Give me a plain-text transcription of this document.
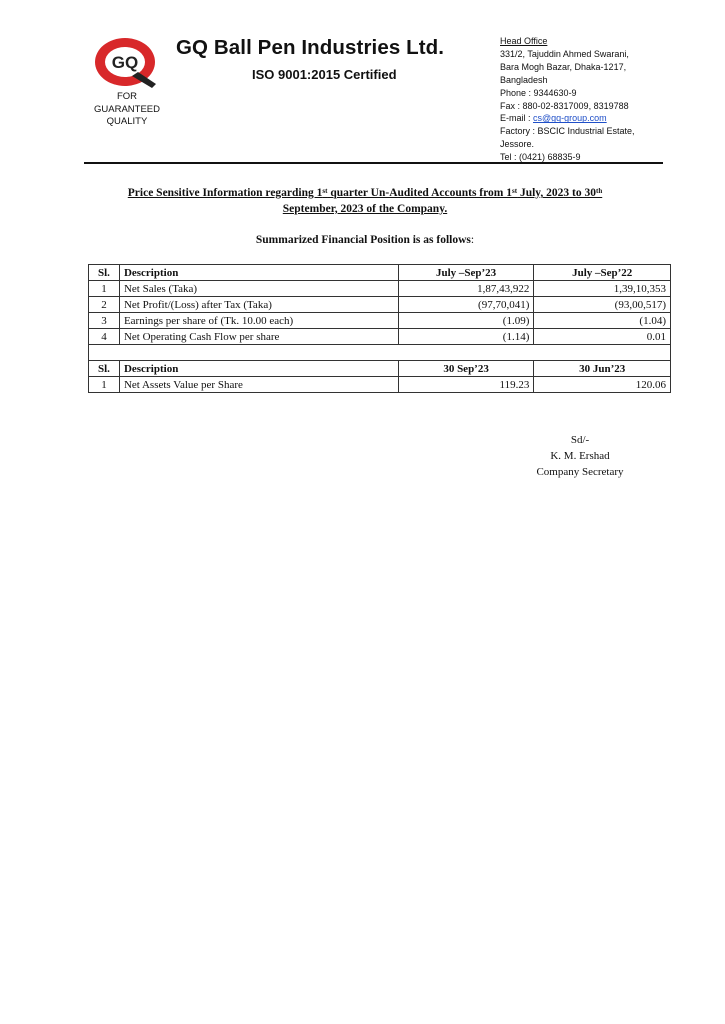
GQ
FOR
GUARANTEED
QUALITY
GQ Ball Pen Industries Ltd.
ISO 9001:2015 Certified
Head Office
331/2, Tajuddin Ahmed Swarani,
Bara Mogh Bazar, Dhaka-1217,
Bangladesh
Phone : 9344630-9
Fax : 880-02-8317009, 8319788
E-mail : cs@gq-group.com
Factory : BSCIC Industrial Estate,
Jessore.
Tel : (0421) 68835-9
Price Sensitive Information regarding 1st quarter Un-Audited Accounts from 1st July, 2023 to 30th
September, 2023 of the Company.
Summarized Financial Position is as follows:
Sl.	Description	July –Sep’23	July –Sep’22
1	Net Sales (Taka)	1,87,43,922	1,39,10,353
2	Net Profit/(Loss) after Tax (Taka)	(97,70,041)	(93,00,517)
3	Earnings per share of (Tk. 10.00 each)	(1.09)	(1.04)
4	Net Operating Cash Flow per share	(1.14)	0.01

Sl.	Description	30 Sep’23	30 Jun’23
1	Net Assets Value per Share	119.23	120.06
Sd/-
K. M. Ershad
Company Secretary
